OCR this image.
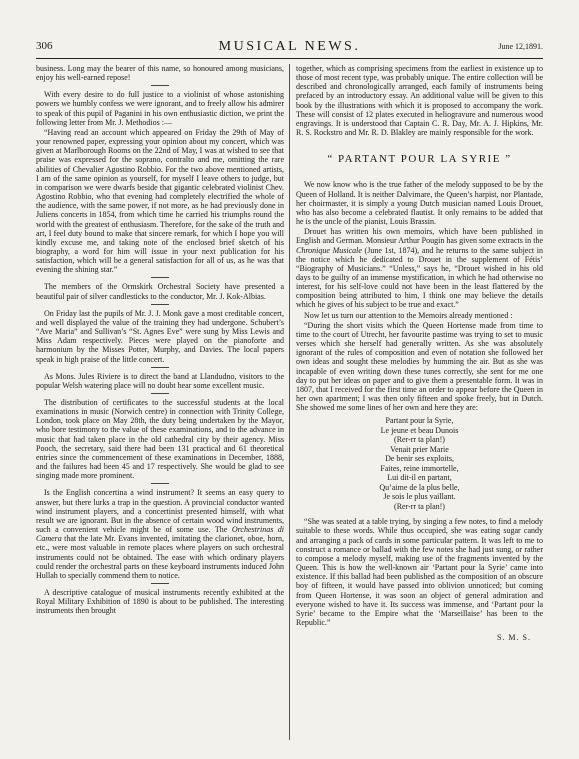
306	MUSICAL NEWS.	June 12,1891.

business. Long may the bearer of this name, so honoured among musicians, enjoy his well-earned repose!

With every desire to do full justice to a violinist of whose astonishing powers we humbly confess we were ignorant, and to freely allow his admirer to speak of this pupil of Paganini in his own enthusiastic diction, we print the following letter from Mr. J. Methodios :—

“Having read an account which appeared on Friday the 29th of May of your renowned paper, expressing your opinion about my concert, which was given at Marlborough Rooms on the 22nd of May, I was at wished to see that praise was expressed for the soprano, contralto and me, omitting the rare abilities of Chevalier Agostino Robbio. For the two above mentioned artists, I am of the same opinion as yourself, for myself I leave others to judge, but in comparison we were dwarfs beside that gigantic celebrated violinist Chev. Agostino Robbio, who that evening had completely electrified the whole of the audience, with the same power, if not more, as he had previously done in Juliens concerts in 1854, from which time he carried his triumphs round the world with the greatest of enthusiasm. Therefore, for the sake of the truth and art, I feel duty bound to make that sincere remark, for which I hope you will kindly excuse me, and taking note of the enclosed brief sketch of his biography, a word for him will issue in your next publication for his satisfaction, which will be a general satisfaction for all of us, as he was that evening the shining star.”

The members of the Ormskirk Orchestral Society have presented a beautiful pair of silver candlesticks to the conductor, Mr. J. Kok-Albias.

On Friday last the pupils of Mr. J. J. Monk gave a most creditable concert, and well displayed the value of the training they had undergone. Schubert’s “Ave Maria” and Sullivan’s “St. Agnes Eve” were sung by Miss Lewis and Miss Adam respectively. Pieces were played on the pianoforte and harmonium by the Misses Potter, Murphy, and Davies. The local papers speak in high praise of the little concert.

As Mons. Jules Riviere is to direct the band at Llandudno, visitors to the popular Welsh watering place will no doubt hear some excellent music.

The distribution of certificates to the successful students at the local examinations in music (Norwich centre) in connection with Trinity College, London, took place on May 28th, the duty being undertaken by the Mayor, who bore testimony to the value of these examinations, and to the advance in music that had taken place in the old cathedral city by their agency. Miss Pooch, the secretary, said there had been 131 practical and 61 theoretical entries since the commencement of these examinations in December, 1888, and the failures had been 45 and 17 respectively. She would be glad to see singing made more prominent.

Is the English concertina a wind instrument? It seems an easy query to answer, but there lurks a trap in the question. A provincial conductor wanted wind instrument players, and a concertinist presented himself, with what result we are ignorant. But in the absence of certain wood wind instruments, such a convenient vehicle might be of some use. The Orchestrinas di Camera that the late Mr. Evans invented, imitating the clarionet, oboe, horn, etc., were most valuable in remote places where players on such orchestral instruments could not be obtained. The ease with which ordinary players could render the orchestral parts on these keyboard instruments induced John Hullah to specially commend them to notice.

A descriptive catalogue of musical instruments recently exhibited at the Royal Military Exhibition of 1890 is about to be published. The interesting instruments then brought

together, which as comprising specimens from the earliest in existence up to those of most recent type, was probably unique. The entire collection will be described and chronologically arranged, each family of instruments being prefaced by an introductory essay. An additional value will be given to this book by the illustrations with which it is proposed to accompany the work. These will consist of 12 plates executed in heliogravure and numerous wood engravings. It is understood that Captain C. R. Day, Mr. A. J. Hipkins, Mr. R. S. Rockstro and Mr. R. D. Blakley are mainly responsible for the work.

“ PARTANT POUR LA SYRIE ”

We now know who is the true father of the melody supposed to be by the Queen of Holland. It is neither Dalvimare, the Queen’s harpist, nor Plantade, her choirmaster, it is simply a young Dutch musician named Louis Drouet, who has also become a celebrated flautist. It only remains to be added that he is the uncle of the pianist, Louis Brassin.

Drouet has written his own memoirs, which have been published in English and German. Monsieur Arthur Pougin has given some extracts in the Chronique Musicale (June 1st, 1874), and he returns to the same subject in the notice which he dedicated to Drouet in the supplement of Fétis’ “Biography of Musicians.” “Unless,” says he, “Drouet wished in his old days to be guilty of an immense mystification, in which he had otherwise no interest, for his self-love could not have been in the least flattered by the composition being attributed to him, I think one may believe the details which he gives of his subject to be true and exact.”

Now let us turn our attention to the Memoirs already mentioned :

“During the short visits which the Queen Hortense made from time to time to the court of Utrecht, her favourite pastime was trying to set to music verses which she herself had generally written. As she was absolutely ignorant of the rules of composition and even of notation she followed her own ideas and sought these melodies by humming the air. But as she was incapable of even writing down these tunes correctly, she sent for me one day to put her ideas on paper and to give them a presentable form. It was in 1807, that I received for the first time an order to appear before the Queen in her own apartment; I was then only fifteen and spoke freely, but in Dutch. She showed me some lines of her own and here they are:

Partant pour la Syrie,
Le jeune et beau Dunois
(Rer-rr ta plan!)
Venait prier Marie
De benir ses exploits,
Faites, reine immortelle,
Lui dit-il en partant,
Qu’aime de la plus belle,
Je sois le plus vaillant.
(Rer-rr ta plan!)

“She was seated at a table trying, by singing a few notes, to find a melody suitable to these words. While thus occupied, she was eating sugar candy and arranging a pack of cards in some particular pattern. It was left to me to construct a romance or ballad with the few notes she had just sung, or rather to compose a melody myself, making use of the fragments invented by the Queen. This is how the well-known air ‘Partant pour la Syrie’ came into existence. If this ballad had been published as the composition of an obscure boy of fifteen, it would have passed into oblivion unnoticed; but coming from Queen Hortense, it was soon an object of general admiration and everyone wished to have it. Its success was immense, and ‘Partant pour la Syrie’ became to the Empire what the ‘Marseillaise’ has been to the Republic.”

S. M. S.
